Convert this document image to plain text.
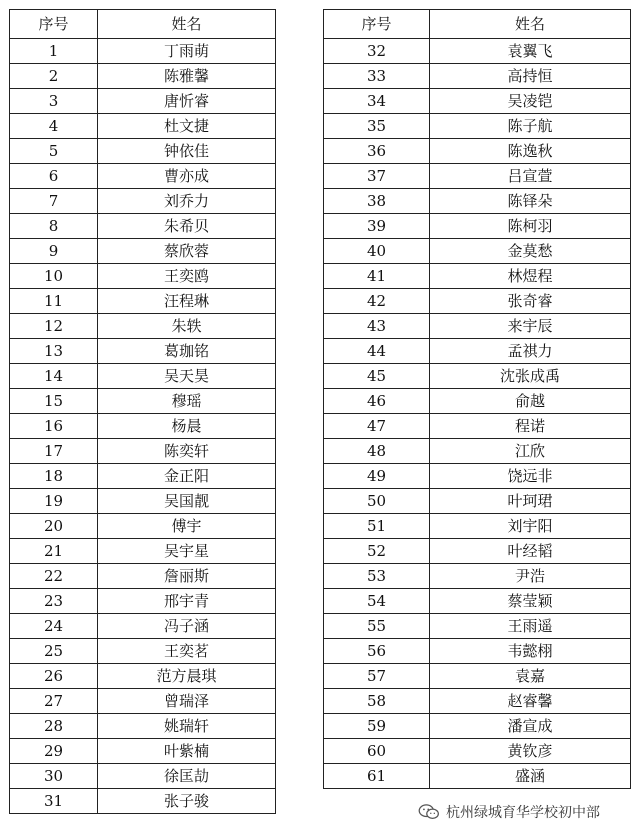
序号	姓名
1	丁雨萌
2	陈雅馨
3	唐忻睿
4	杜文捷
5	钟依佳
6	曹亦成
7	刘乔力
8	朱希贝
9	蔡欣蓉
10	王奕鸥
11	汪程琳
12	朱轶
13	葛珈铭
14	吴天昊
15	穆瑶
16	杨晨
17	陈奕轩
18	金正阳
19	吴国靓
20	傅宇
21	吴宇星
22	詹丽斯
23	邢宇青
24	冯子涵
25	王奕茗
26	范方晨琪
27	曾瑞泽
28	姚瑞轩
29	叶紫楠
30	徐匡劼
31	张子骏
序号	姓名
32	袁翼飞
33	高持恒
34	吴凌铠
35	陈子航
36	陈逸秋
37	吕宣萱
38	陈铎朵
39	陈柯羽
40	金莫愁
41	林煜程
42	张奇睿
43	来宇辰
44	孟祺力
45	沈张成禹
46	俞越
47	程诺
48	江欣
49	饶远非
50	叶珂珺
51	刘宇阳
52	叶经韬
53	尹浩
54	蔡莹颖
55	王雨遥
56	韦懿栩
57	袁嘉
58	赵睿馨
59	潘宣成
60	黄钦彦
61	盛涵
杭州绿城育华学校初中部
